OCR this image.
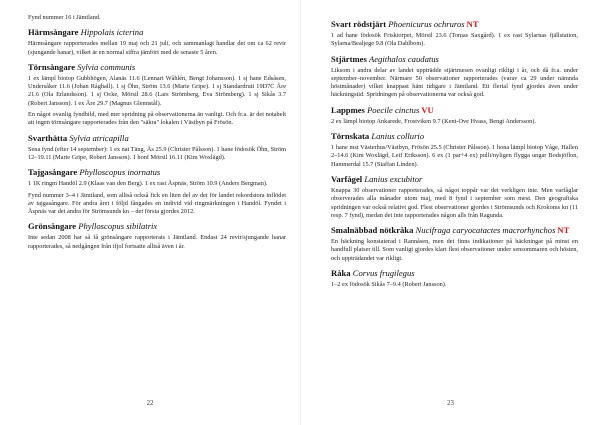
Fynd nummer 16 i Jämtland.

Härmsångare Hippolais icterina

Härmsångare rapporterades mellan 19 maj och 21 juli, och sammanlagt handlar det om ca 62 revir (sjungande hanar), vilket är en normal siffra jämfört med de senaste 5 åren.

Törnsångare Sylvia communis

1 ex lämpl biotop Gubbhögen, Alanäs 11.6 (Lennart Wåhlén, Bengt Johansson). 1 sj hane Edsåsen, Undersåker 11.6 (Johan Råghall). 1 sj Öhn, Ström 13.6 (Marie Gripe). 1 sj Standardrutt 19D7C Åre 21.6 (Ola Erlandsson). 1 sj Ocke, Mörsil 28.6 (Lars Strömberg, Eva Strömberg). 1 sj Sikås 3.7 (Robert Jansson). 1 ex Åre 29.7 (Magnus Glennstål).

En något ovanlig fyndbild, med mer spridning på observationerna än vanligt. Och fr.a. är det notabelt att ingen törnsångare rapporterades från den "säkra" lokalen i Västbyn på Frösön.

Svarthätta Sylvia atricapilla

Sena fynd (efter 14 september): 1 ex nat Täng, Ås 25.9 (Christer Pålsson). 1 hane födosök Öhn, Ström 12–19.11 (Marie Gripe, Robert Jansson). 1 honf Mörsil 16.11 (Kim Woxlägd).

Tajgasångare Phylloscopus inornatus

1 1K ringm Handöl 2.9 (Klaas van den Berg). 1 ex rast Åspnäs, Ström 10.9 (Anders Bergman).

Fynd nummer 3–4 i Jämtland, som alltså också fick en liten del av det för landet rekordstora inflödet av tajgasångare. För andra året i följd fångades en individ vid ringmärkningen i Handöl. Fyndet i Åspnäs var det andra för Strömsunds kn – det första gjordes 2012.

Grönsångare Phylloscopus sibilatrix

Inte sedan 2008 har så få grönsångare rapporterats i Jämtland. Endast 24 revir/sjungande hanar rapporterades, så nedgången från ifjol fortsatte alltså även i år.

22
Svart rödstjärt Phoenicurus ochruros NT

1 ad hane födosök Frisktorpet, Mörsil 23.6 (Tomas Saxgård). 1 ex rast Sylarnas fjällstation, Sylarna/Bealjege 9.8 (Ola Dahlbom).

Stjärtmes Aegithalos caudatus

Liksom i andra delar av landet uppträdde stjärtmesen ovanligt rikligt i år, och då fr.a. under september–november. Närmare 50 observationer rapporterades (varav ca 29 under nämnda höstmånader) vilket knappast hänt tidigare i Jämtland. Ett flertal fynd gjordes även under häckningstid. Spridningen på observationerna var också god.

Lappmes Poecile cinctus VU

2 ex lämpl biotop Ankarede, Frostviken 9.7 (Kent-Ove Hvass, Bengt Andersson).

Törnskata Lanius collurio

1 hane mst Västerhus/Västbyn, Frösön 25.5 (Christer Pålsson). 1 hona lämpl biotop Våge, Hallen 2–14.6 (Kim Woxlägd, Leif Eriksson). 6 ex (1 par+4 ex) pulli/nyligen flygga ungar Bodsjöflon, Hammerdal 15.7 (Staffan Linden).

Varfågel Lanius excubitor

Knappa 30 observationer rapporterades, så något toppår var det verkligen inte. Men varfåglar observerades alla månader utom maj, med 8 fynd i september som mest. Den geografiska spridningen var också relativt god. Flest observationer gjordes i Strömsunds och Krokoms kn (11 resp. 7 fynd), medan det inte rapporterades någon alls från Ragunda.

Smalnäbbad nötkråka Nucifraga caryocatactes macrorhynchos NT

En häckning konstaterad i Rannåsen, men det finns indikationer på häckningar på minst en handfull platser till. Som vanligt gjordes klart flest observationer under sensommaren och hösten, och uppträdandet var rikligt.

Råka Corvus frugilegus

1–2 ex födosök Sikås 7–9.4 (Robert Jansson).

23
